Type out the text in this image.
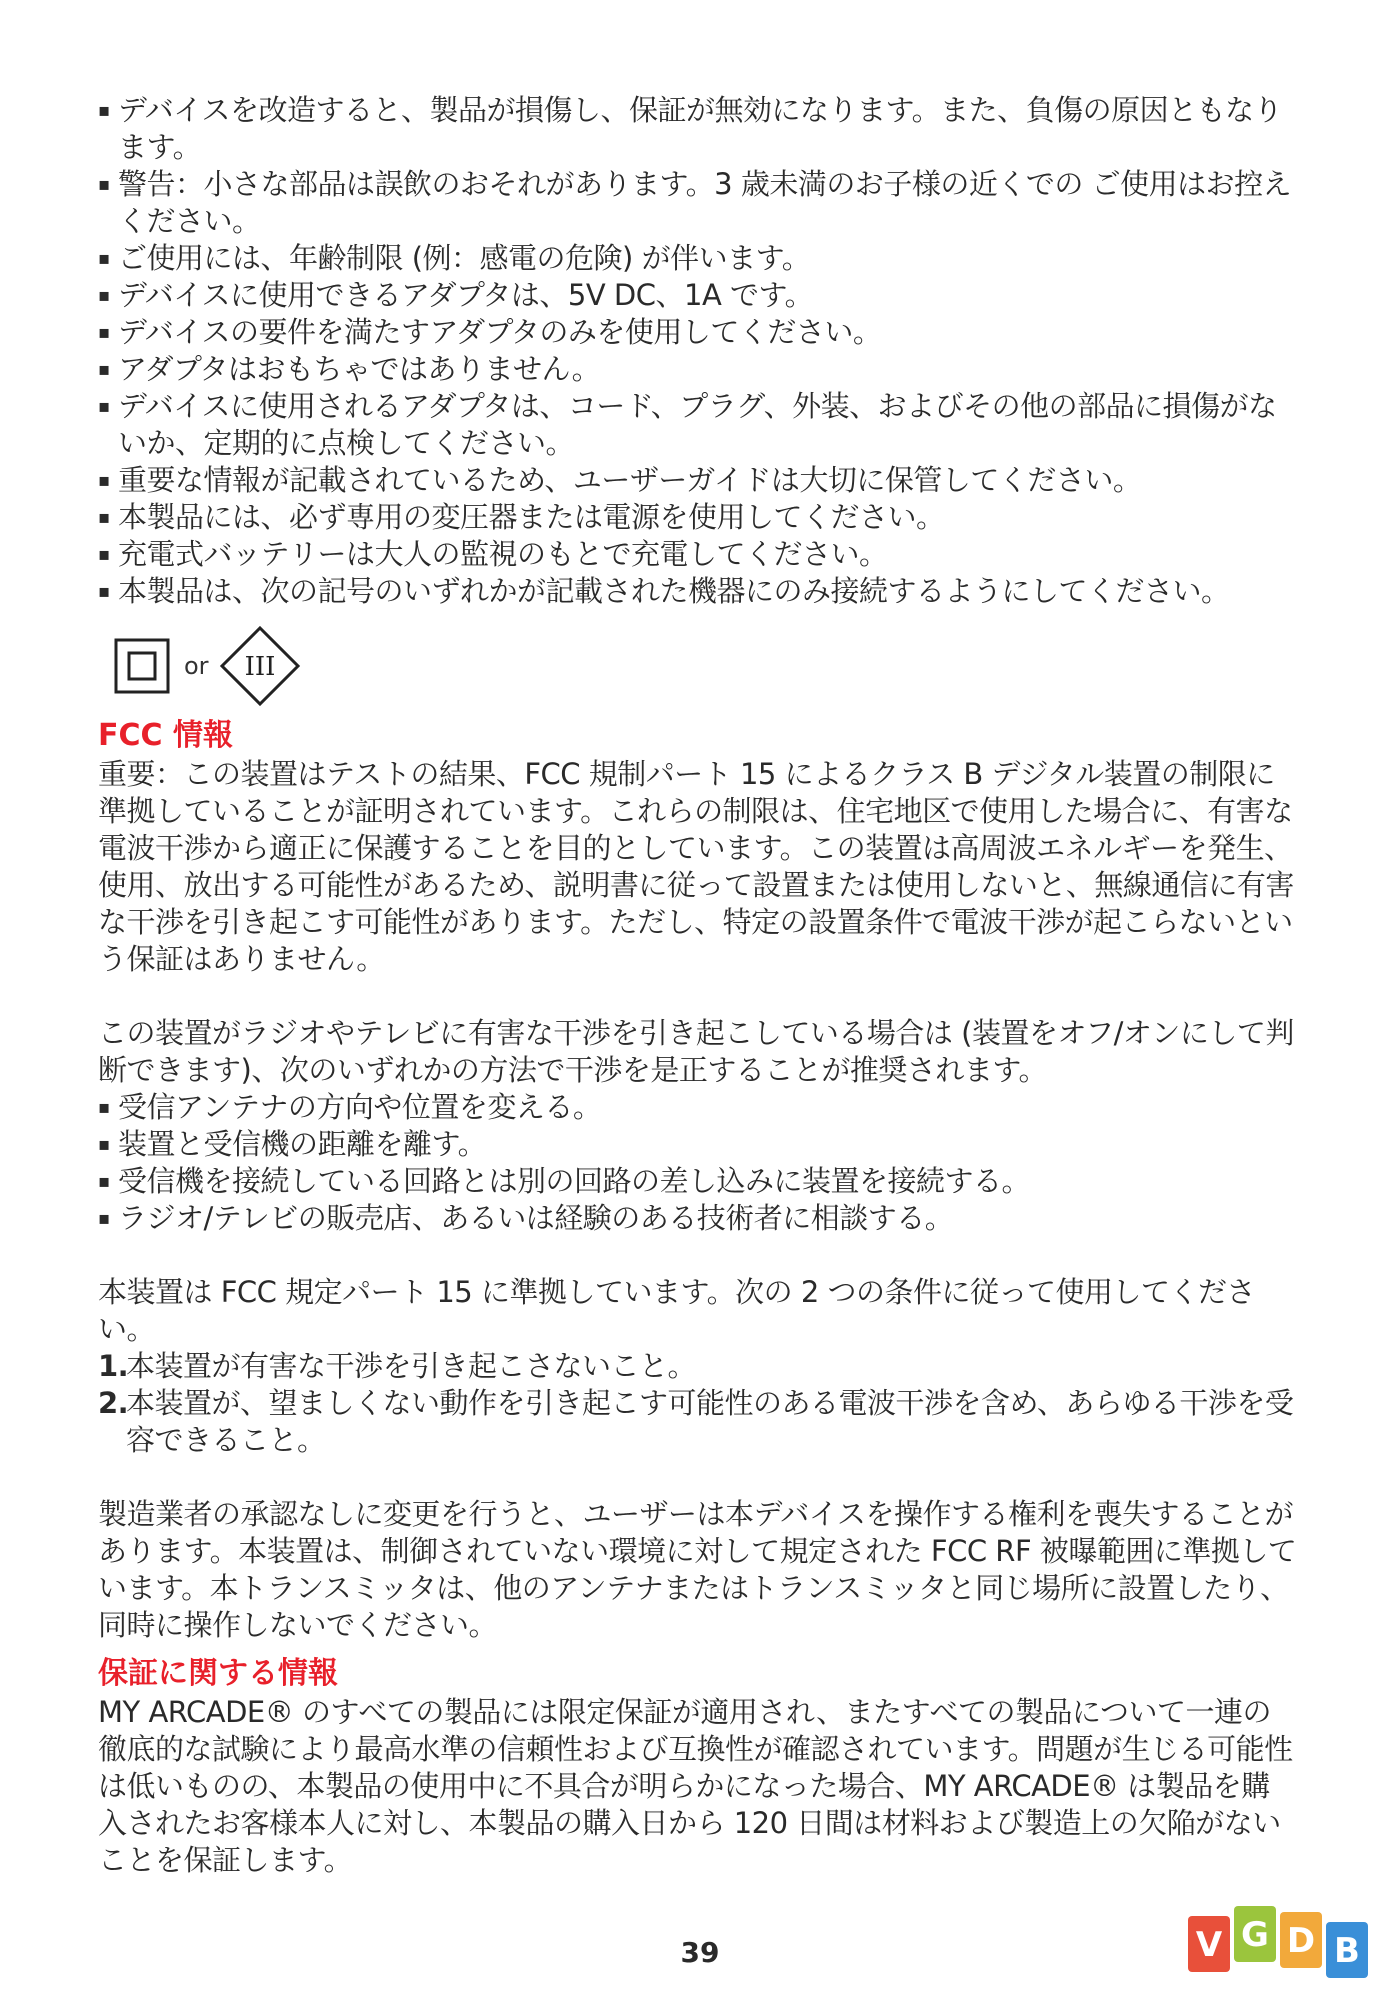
▪ デバイスを改造すると、製品が損傷し、保証が無効になります。また、負傷の原因ともなります。
▪ 警告：小さな部品は誤飲のおそれがあります。3 歳未満のお子様の近くでの ご使用はお控えください。
▪ ご使用には、年齢制限 (例：感電の危険) が伴います。
▪ デバイスに使用できるアダプタは、5V DC、1A です。
▪ デバイスの要件を満たすアダプタのみを使用してください。
▪ アダプタはおもちゃではありません。
▪ デバイスに使用されるアダプタは、コード、プラグ、外装、およびその他の部品に損傷がないか、定期的に点検してください。
▪ 重要な情報が記載されているため、ユーザーガイドは大切に保管してください。
▪ 本製品には、必ず専用の変圧器または電源を使用してください。
▪ 充電式バッテリーは大人の監視のもとで充電してください。
▪ 本製品は、次の記号のいずれかが記載された機器にのみ接続するようにしてください。
or III
FCC 情報

重要：この装置はテストの結果、FCC 規制パート 15 によるクラス B デジタル装置の制限に準拠していることが証明されています。これらの制限は、住宅地区で使用した場合に、有害な電波干渉から適正に保護することを目的としています。この装置は高周波エネルギーを発生、使用、放出する可能性があるため、説明書に従って設置または使用しないと、無線通信に有害な干渉を引き起こす可能性があります。ただし、特定の設置条件で電波干渉が起こらないという保証はありません。

この装置がラジオやテレビに有害な干渉を引き起こしている場合は (装置をオフ/オンにして判断できます)、次のいずれかの方法で干渉を是正することが推奨されます。

▪ 受信アンテナの方向や位置を変える。
▪ 装置と受信機の距離を離す。
▪ 受信機を接続している回路とは別の回路の差し込みに装置を接続する。
▪ ラジオ/テレビの販売店、あるいは経験のある技術者に相談する。

本装置は FCC 規定パート 15 に準拠しています。次の 2 つの条件に従って使用してください。

1.
本装置が有害な干渉を引き起こさないこと。
2.
本装置が、望ましくない動作を引き起こす可能性のある電波干渉を含め、あらゆる干渉を受容できること。

製造業者の承認なしに変更を行うと、ユーザーは本デバイスを操作する権利を喪失することがあります。本装置は、制御されていない環境に対して規定された FCC RF 被曝範囲に準拠しています。本トランスミッタは、他のアンテナまたはトランスミッタと同じ場所に設置したり、同時に操作しないでください。

保証に関する情報

MY ARCADE® のすべての製品には限定保証が適用され、またすべての製品について一連の徹底的な試験により最高水準の信頼性および互換性が確認されています。問題が生じる可能性は低いものの、本製品の使用中に不具合が明らかになった場合、MY ARCADE® は製品を購入されたお客様本人に対し、本製品の購入日から 120 日間は材料および製造上の欠陥がないことを保証します。

39	V G D B
